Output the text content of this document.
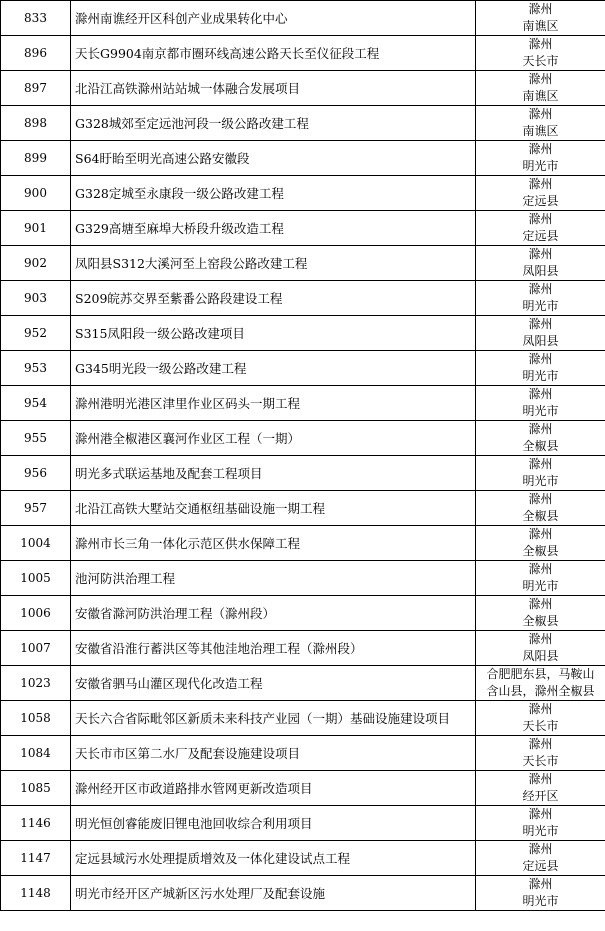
833	滁州南谯经开区科创产业成果转化中心	滁州
南谯区

896	天长G9904南京都市圈环线高速公路天长至仪征段工程	滁州
天长市

897	北沿江高铁滁州站站城一体融合发展项目	滁州
南谯区

898	G328城郊至定远池河段一级公路改建工程	滁州
南谯区

899	S64盱眙至明光高速公路安徽段	滁州
明光市

900	G328定城至永康段一级公路改建工程	滁州
定远县

901	G329高塘至麻埠大桥段升级改造工程	滁州
定远县

902	凤阳县S312大溪河至上窑段公路改建工程	滁州
凤阳县

903	S209皖苏交界至紫番公路段建设工程	滁州
明光市

952	S315凤阳段一级公路改建项目	滁州
凤阳县

953	G345明光段一级公路改建工程	滁州
明光市

954	滁州港明光港区津里作业区码头一期工程	滁州
明光市

955	滁州港全椒港区襄河作业区工程（一期）	滁州
全椒县

956	明光多式联运基地及配套工程项目	滁州
明光市

957	北沿江高铁大墅站交通枢纽基础设施一期工程	滁州
全椒县

1004	滁州市长三角一体化示范区供水保障工程	滁州
全椒县

1005	池河防洪治理工程	滁州
明光市

1006	安徽省滁河防洪治理工程（滁州段）	滁州
全椒县

1007	安徽省沿淮行蓄洪区等其他洼地治理工程（滁州段）	滁州
凤阳县

1023	安徽省驷马山灌区现代化改造工程	合肥肥东县，马鞍山
含山县，滁州全椒县

1058	天长六合省际毗邻区新质未来科技产业园（一期）基础设施建设项目	滁州
天长市

1084	天长市市区第二水厂及配套设施建设项目	滁州
天长市

1085	滁州经开区市政道路排水管网更新改造项目	滁州
经开区

1146	明光恒创睿能废旧锂电池回收综合利用项目	滁州
明光市

1147	定远县域污水处理提质增效及一体化建设试点工程	滁州
定远县

1148	明光市经开区产城新区污水处理厂及配套设施	滁州
明光市
